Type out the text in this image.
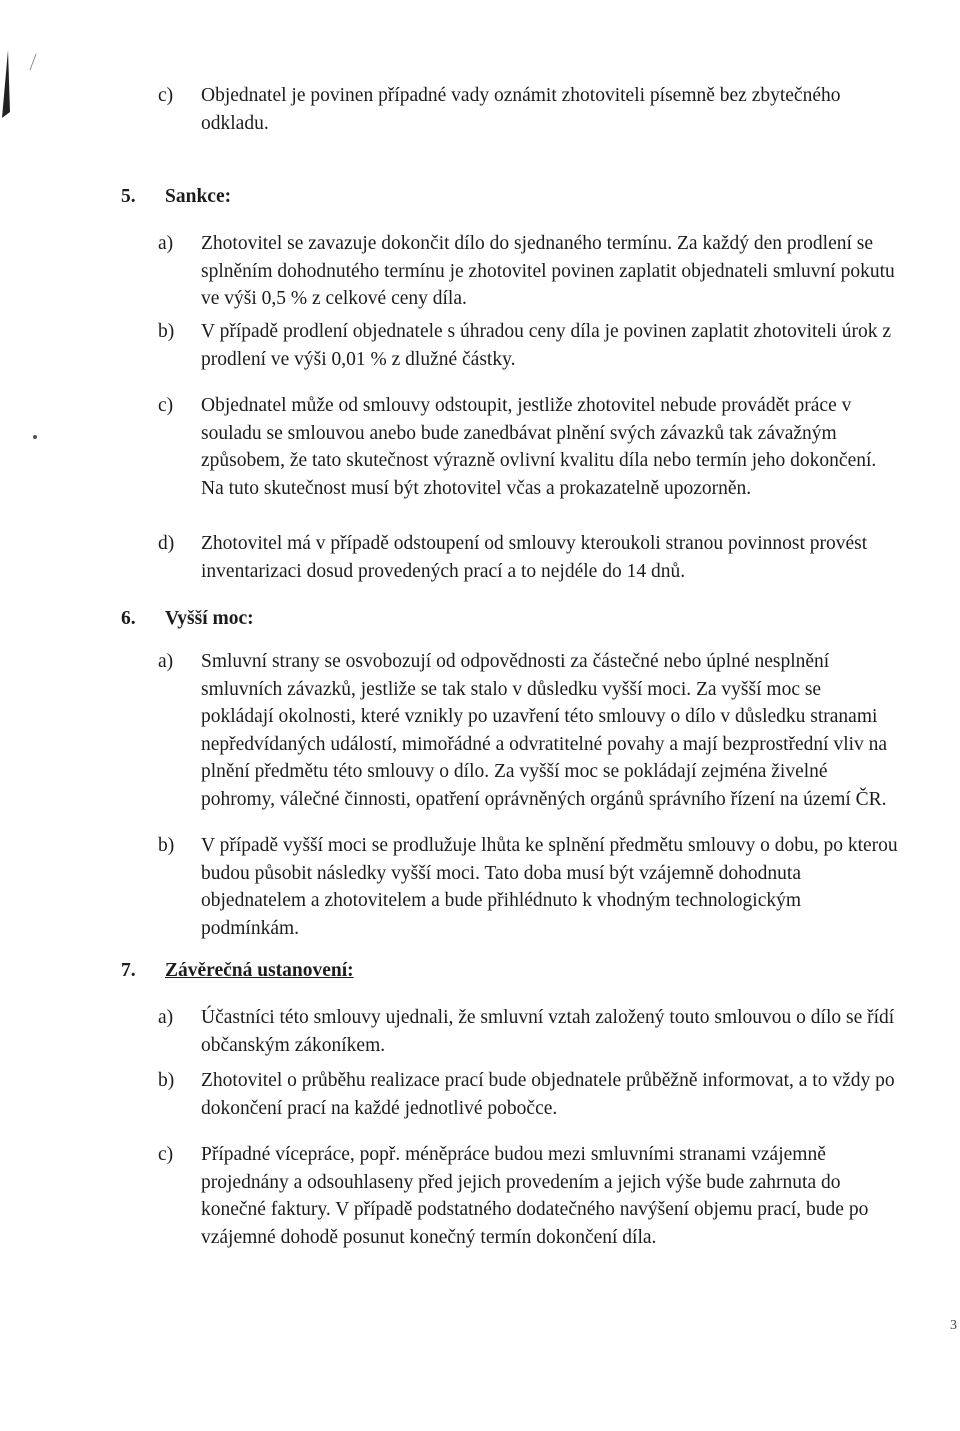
c) Objednatel je povinen případné vady oznámit zhotoviteli písemně bez zbytečného odkladu.
5. Sankce:
a) Zhotovitel se zavazuje dokončit dílo do sjednaného termínu. Za každý den prodlení se splněním dohodnutého termínu je zhotovitel povinen zaplatit objednateli smluvní pokutu ve výši 0,5 % z celkové ceny díla.
b) V případě prodlení objednatele s úhradou ceny díla je povinen zaplatit zhotoviteli úrok z prodlení ve výši 0,01 % z dlužné částky.
c) Objednatel může od smlouvy odstoupit, jestliže zhotovitel nebude provádět práce v souladu se smlouvou anebo bude zanedbávat plnění svých závazků tak závažným způsobem, že tato skutečnost výrazně ovlivní kvalitu díla nebo termín jeho dokončení. Na tuto skutečnost musí být zhotovitel včas a prokazatelně upozorněn.
d) Zhotovitel má v případě odstoupení od smlouvy kteroukoli stranou povinnost provést inventarizaci dosud provedených prací a to nejdéle do 14 dnů.
6. Vyšší moc:
a) Smluvní strany se osvobozují od odpovědnosti za částečné nebo úplné nesplnění smluvních závazků, jestliže se tak stalo v důsledku vyšší moci. Za vyšší moc se pokládají okolnosti, které vznikly po uzavření této smlouvy o dílo v důsledku stranami nepředvídaných událostí, mimořádné a odvratitelné povahy a mají bezprostřední vliv na plnění předmětu této smlouvy o dílo. Za vyšší moc se pokládají zejména živelné pohromy, válečné činnosti, opatření oprávněných orgánů správního řízení na území ČR.
b) V případě vyšší moci se prodlužuje lhůta ke splnění předmětu smlouvy o dobu, po kterou budou působit následky vyšší moci. Tato doba musí být vzájemně dohodnuta objednatelem a zhotovitelem a bude přihlédnuto k vhodným technologickým podmínkám.
7. Závěrečná ustanovení:
a) Účastníci této smlouvy ujednali, že smluvní vztah založený touto smlouvou o dílo se řídí občanským zákoníkem.
b) Zhotovitel o průběhu realizace prací bude objednatele průběžně informovat, a to vždy po dokončení prací na každé jednotlivé pobočce.
c) Případné vícepráce, popř. méněpráce budou mezi smluvními stranami vzájemně projednány a odsouhlaseny před jejich provedením a jejich výše bude zahrnuta do konečné faktury. V případě podstatného dodatečného navýšení objemu prací, bude po vzájemné dohodě posunut konečný termín dokončení díla.
3
